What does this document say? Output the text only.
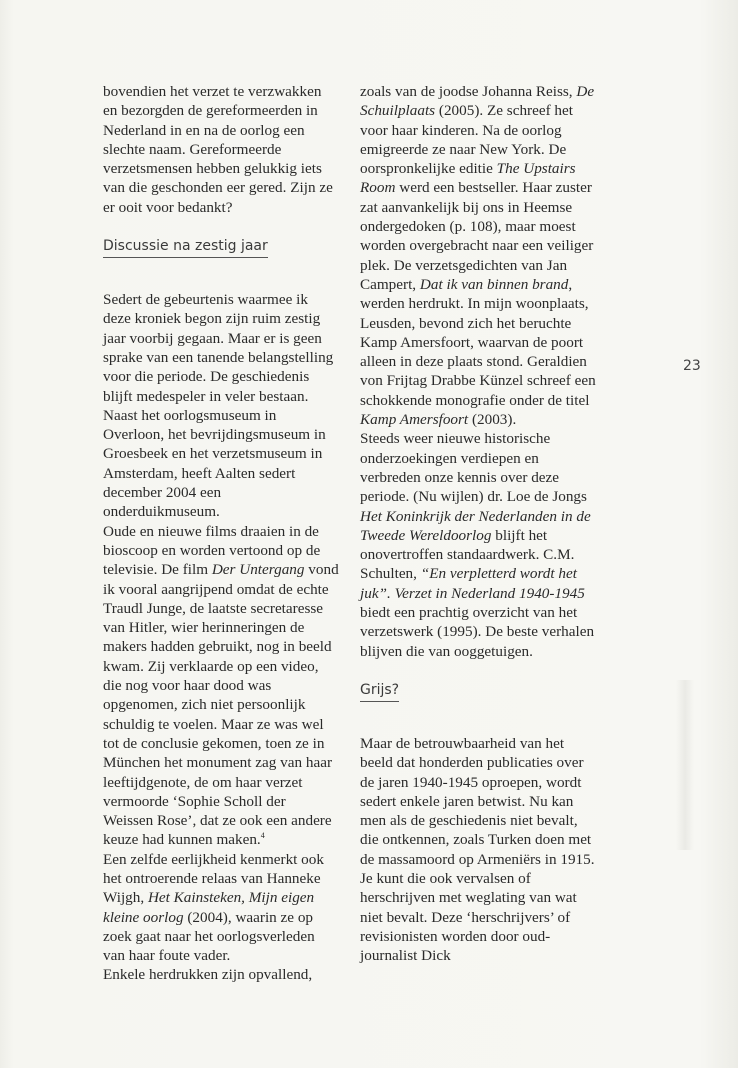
bovendien het verzet te verzwakken en bezorgden de gereformeerden in Nederland in en na de oorlog een slechte naam. Gereformeerde verzetsmensen hebben gelukkig iets van die geschonden eer gered. Zijn ze er ooit voor bedankt?

Discussie na zestig jaar

Sedert de gebeurtenis waarmee ik deze kroniek begon zijn ruim zestig jaar voorbij gegaan. Maar er is geen sprake van een tanende belangstelling voor die periode. De geschiedenis blijft medespeler in veler bestaan. Naast het oorlogsmuseum in Overloon, het bevrijdingsmuseum in Groesbeek en het verzetsmuseum in Amsterdam, heeft Aalten sedert december 2004 een onderduikmuseum.

Oude en nieuwe films draaien in de bioscoop en worden vertoond op de televisie. De film Der Untergang vond ik vooral aangrijpend omdat de echte Traudl Junge, de laatste secretaresse van Hitler, wier herinneringen de makers hadden gebruikt, nog in beeld kwam. Zij verklaarde op een video, die nog voor haar dood was opgenomen, zich niet persoonlijk schuldig te voelen. Maar ze was wel tot de conclusie gekomen, toen ze in München het monument zag van haar leeftijdgenote, de om haar verzet vermoorde ‘Sophie Scholl der Weissen Rose’, dat ze ook een andere keuze had kunnen maken.$^4$

Een zelfde eerlijkheid kenmerkt ook het ontroerende relaas van Hanneke Wijgh, Het Kainsteken, Mijn eigen kleine oorlog (2004), waarin ze op zoek gaat naar het oorlogsverleden van haar foute vader.

Enkele herdrukken zijn opvallend,

zoals van de joodse Johanna Reiss, De Schuilplaats (2005). Ze schreef het voor haar kinderen. Na de oorlog emigreerde ze naar New York. De oorspronkelijke editie The Upstairs Room werd een bestseller. Haar zuster zat aanvankelijk bij ons in Heemse ondergedoken (p. 108), maar moest worden overgebracht naar een veiliger plek. De verzetsgedichten van Jan Campert, Dat ik van binnen brand, werden herdrukt. In mijn woonplaats, Leusden, bevond zich het beruchte Kamp Amersfoort, waarvan de poort alleen in deze plaats stond. Geraldien von Frijtag Drabbe Künzel schreef een schokkende monografie onder de titel Kamp Amersfoort (2003).

Steeds weer nieuwe historische onderzoekingen verdiepen en verbreden onze kennis over deze periode. (Nu wijlen) dr. Loe de Jongs Het Koninkrijk der Nederlanden in de Tweede Wereldoorlog blijft het onovertroffen standaardwerk. C.M. Schulten, “En verpletterd wordt het juk”. Verzet in Nederland 1940-1945 biedt een prachtig overzicht van het verzetswerk (1995). De beste verhalen blijven die van ooggetuigen.

Grijs?

Maar de betrouwbaarheid van het beeld dat honderden publicaties over de jaren 1940-1945 oproepen, wordt sedert enkele jaren betwist. Nu kan men als de geschiedenis niet bevalt, die ontkennen, zoals Turken doen met de massamoord op Armeniërs in 1915. Je kunt die ook vervalsen of herschrijven met weglating van wat niet bevalt. Deze ‘herschrijvers’ of revisionisten worden door oud-journalist Dick

23
